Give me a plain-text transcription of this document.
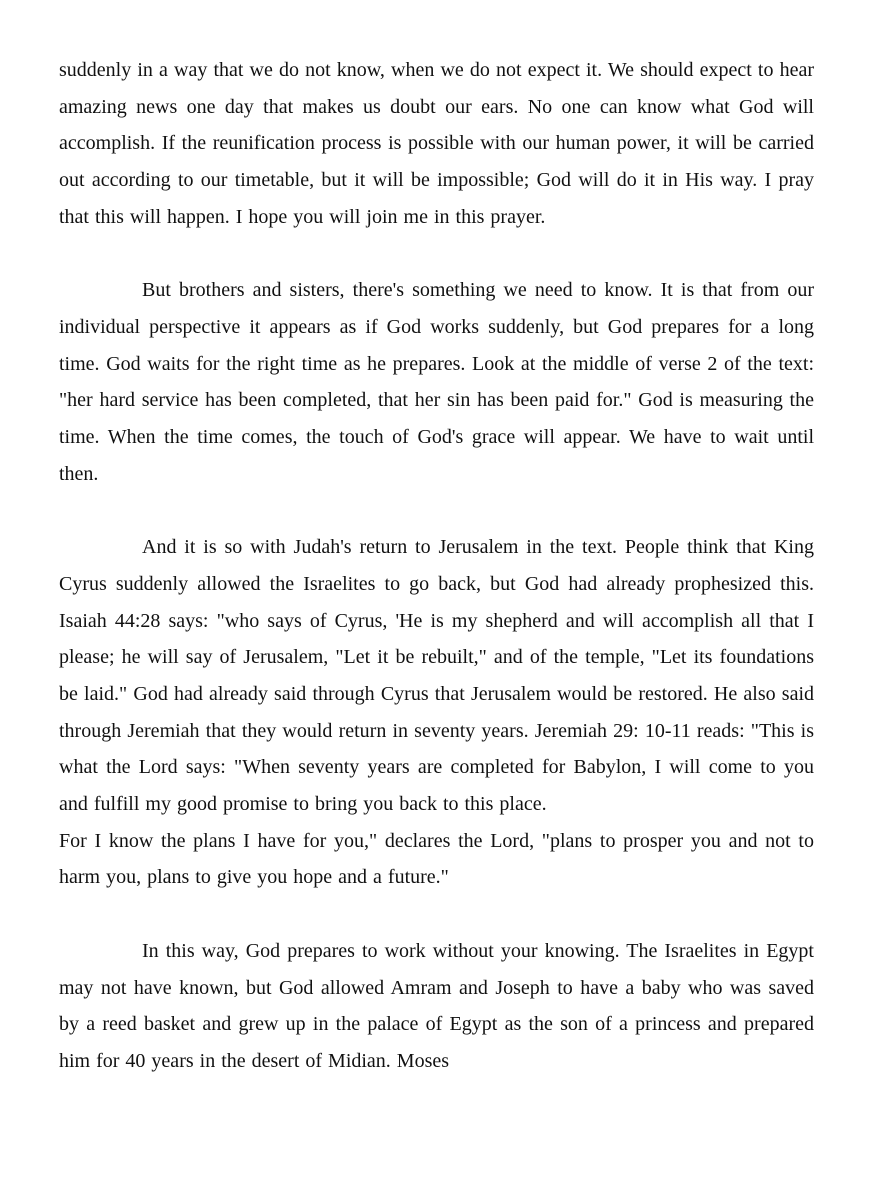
suddenly in a way that we do not know, when we do not expect it. We should expect to hear amazing news one day that makes us doubt our ears. No one can know what God will accomplish. If the reunification process is possible with our human power, it will be carried out according to our timetable, but it will be impossible; God will do it in His way. I pray that this will happen. I hope you will join me in this prayer.

But brothers and sisters, there's something we need to know. It is that from our individual perspective it appears as if God works suddenly, but God prepares for a long time. God waits for the right time as he prepares. Look at the middle of verse 2 of the text: "her hard service has been completed, that her sin has been paid for." God is measuring the time. When the time comes, the touch of God's grace will appear. We have to wait until then.

And it is so with Judah's return to Jerusalem in the text. People think that King Cyrus suddenly allowed the Israelites to go back, but God had already prophesized this. Isaiah 44:28 says: "who says of Cyrus, 'He is my shepherd and will accomplish all that I please; he will say of Jerusalem, "Let it be rebuilt," and of the temple, "Let its foundations be laid." God had already said through Cyrus that Jerusalem would be restored. He also said through Jeremiah that they would return in seventy years. Jeremiah 29: 10-11 reads: "This is what the Lord says: "When seventy years are completed for Babylon, I will come to you and fulfill my good promise to bring you back to this place.

For I know the plans I have for you," declares the Lord, "plans to prosper you and not to harm you, plans to give you hope and a future."

In this way, God prepares to work without your knowing. The Israelites in Egypt may not have known, but God allowed Amram and Joseph to have a baby who was saved by a reed basket and grew up in the palace of Egypt as the son of a princess and prepared him for 40 years in the desert of Midian. Moses
